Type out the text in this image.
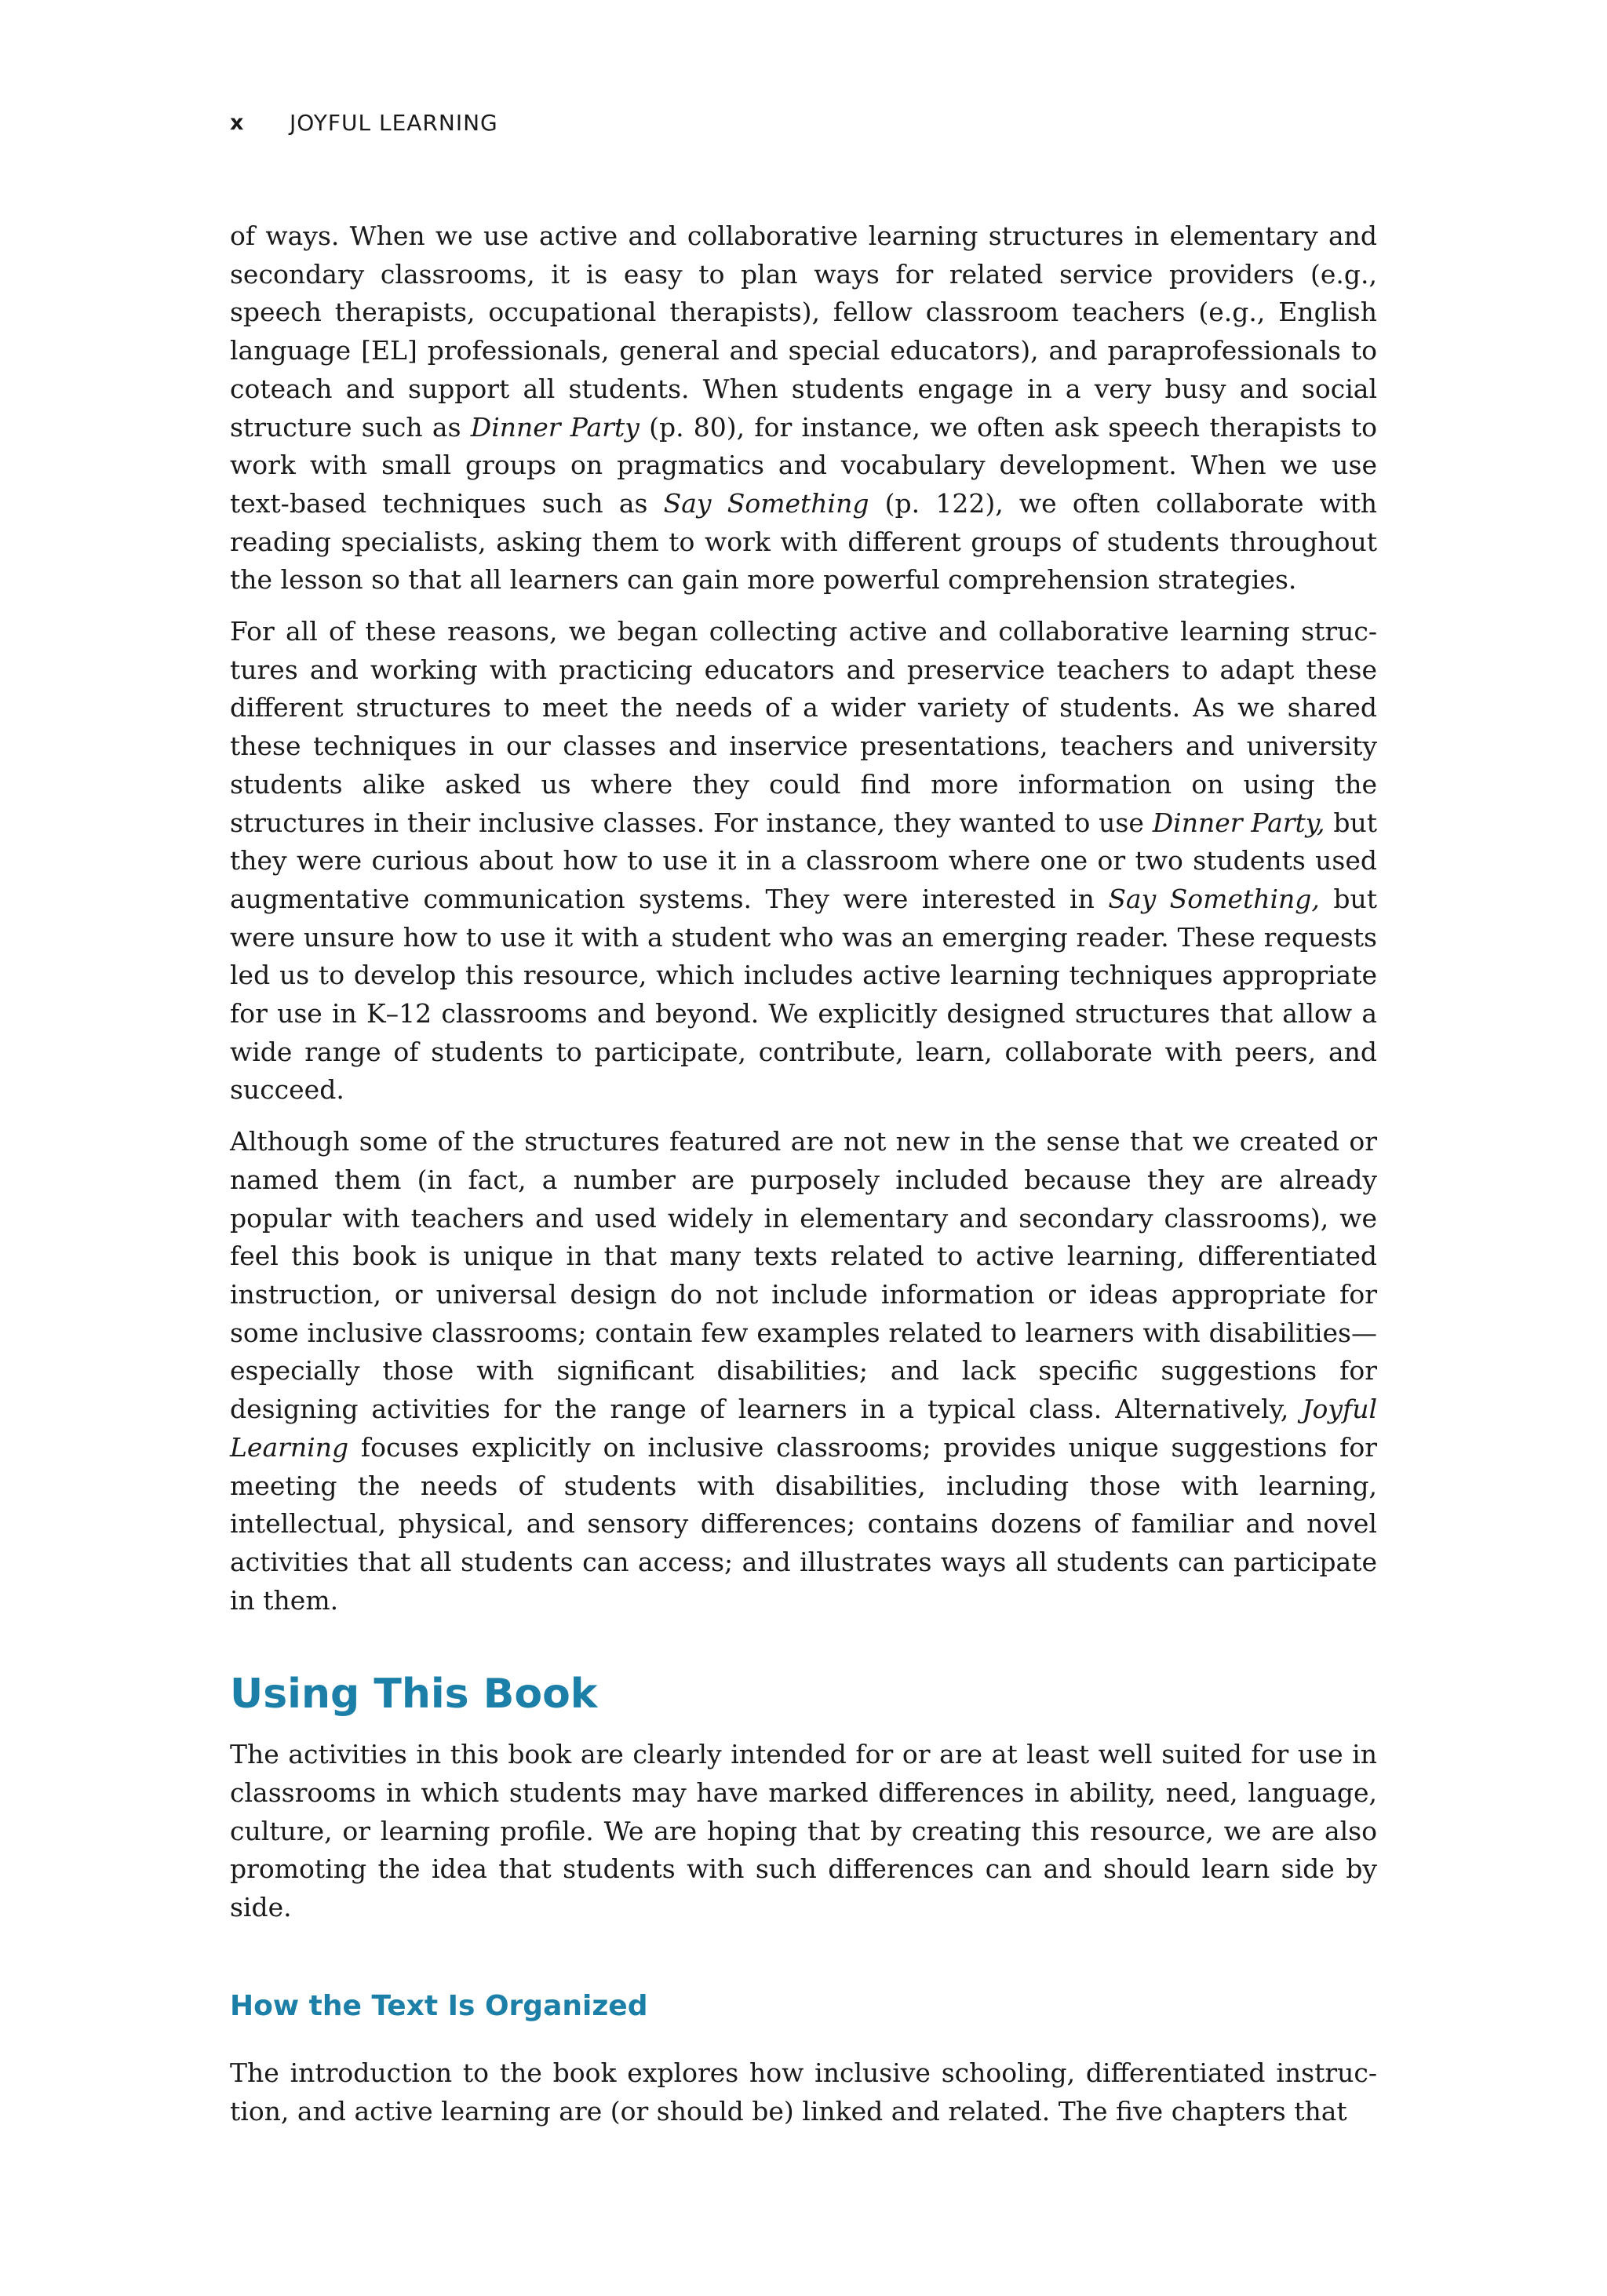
x	JOYFUL LEARNING

of ways. When we use active and collaborative learning structures in elementary and secondary classrooms, it is easy to plan ways for related service providers (e.g., speech therapists, occupational therapists), fellow classroom teachers (e.g., English language [EL] professionals, general and special educators), and paraprofessionals to coteach and support all students. When students engage in a very busy and social structure such as Dinner Party (p. 80), for instance, we often ask speech therapists to work with small groups on pragmatics and vocabulary development. When we use text-based techniques such as Say Something (p. 122), we often collaborate with reading specialists, asking them to work with different groups of students throughout the lesson so that all learners can gain more powerful comprehension strategies.

For all of these reasons, we began collecting active and collaborative learning structures and working with practicing educators and preservice teachers to adapt these different structures to meet the needs of a wider variety of students. As we shared these techniques in our classes and inservice presentations, teachers and university students alike asked us where they could find more information on using the structures in their inclusive classes. For instance, they wanted to use Dinner Party, but they were curious about how to use it in a classroom where one or two students used augmentative communication systems. They were interested in Say Something, but were unsure how to use it with a student who was an emerging reader. These requests led us to develop this resource, which includes active learning techniques appropriate for use in K–12 classrooms and beyond. We explicitly designed structures that allow a wide range of students to participate, contribute, learn, collaborate with peers, and succeed.

Although some of the structures featured are not new in the sense that we created or named them (in fact, a number are purposely included because they are already popular with teachers and used widely in elementary and secondary classrooms), we feel this book is unique in that many texts related to active learning, differentiated instruction, or universal design do not include information or ideas appropriate for some inclusive classrooms; contain few examples related to learners with disabilities—especially those with significant disabilities; and lack specific suggestions for designing activities for the range of learners in a typical class. Alternatively, Joyful Learning focuses explicitly on inclusive classrooms; provides unique suggestions for meeting the needs of students with disabilities, including those with learning, intellectual, physical, and sensory differences; contains dozens of familiar and novel activities that all students can access; and illustrates ways all students can participate in them.

Using This Book

The activities in this book are clearly intended for or are at least well suited for use in classrooms in which students may have marked differences in ability, need, language, culture, or learning profile. We are hoping that by creating this resource, we are also promoting the idea that students with such differences can and should learn side by side.

How the Text Is Organized

The introduction to the book explores how inclusive schooling, differentiated instruction, and active learning are (or should be) linked and related. The five chapters that
